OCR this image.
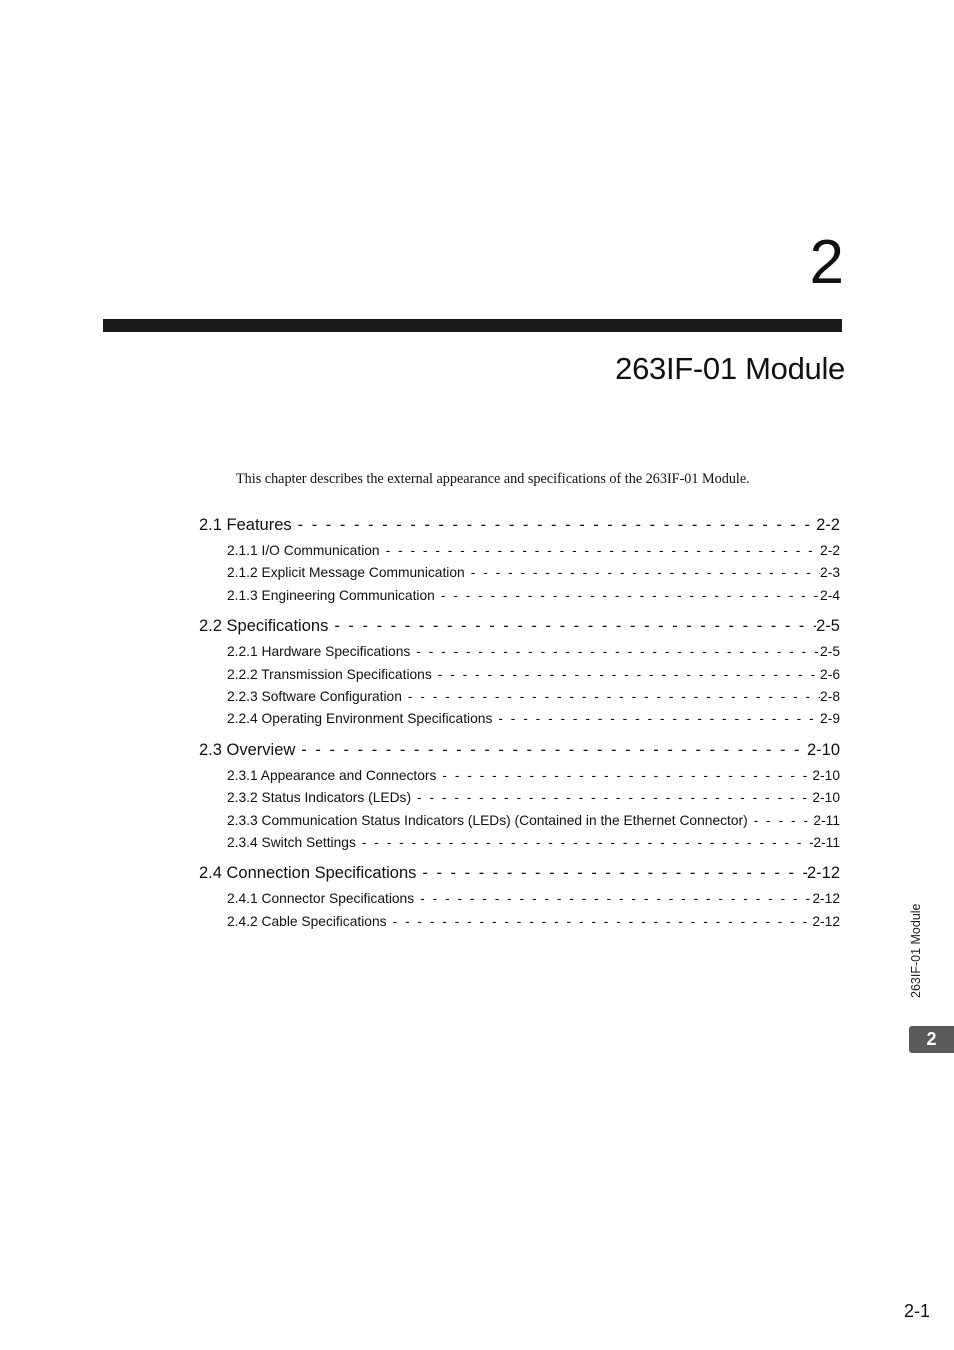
2
263IF-01 Module
This chapter describes the external appearance and specifications of the 263IF-01 Module.
2.1 Features - - -	2-2
2.1.1 I/O Communication - - -	2-2
2.1.2 Explicit Message Communication - - -	2-3
2.1.3 Engineering Communication - - -	2-4
2.2 Specifications - - -	2-5
2.2.1 Hardware Specifications - - -	2-5
2.2.2 Transmission Specifications - - -	2-6
2.2.3 Software Configuration - - -	2-8
2.2.4 Operating Environment Specifications - - -	2-9
2.3 Overview - - -	2-10
2.3.1 Appearance and Connectors - - -	2-10
2.3.2 Status Indicators (LEDs) - - -	2-10
2.3.3 Communication Status Indicators (LEDs) (Contained in the Ethernet Connector) - - -	2-11
2.3.4 Switch Settings - - -	2-11
2.4 Connection Specifications - - -	2-12
2.4.1 Connector Specifications - - -	2-12
2.4.2 Cable Specifications - - -	2-12	263IF-01 Module
2
2-1
